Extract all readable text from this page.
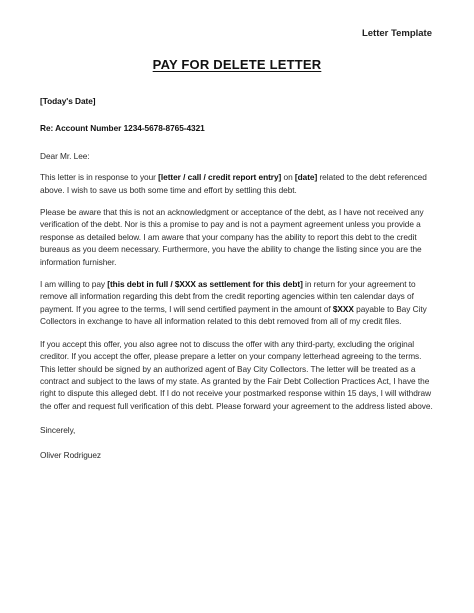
Letter Template
PAY FOR DELETE LETTER

[Today's Date]

Re: Account Number 1234-5678-8765-4321

Dear Mr. Lee:

This letter is in response to your [letter / call / credit report entry] on [date] related to the debt referenced above. I wish to save us both some time and effort by settling this debt.

Please be aware that this is not an acknowledgment or acceptance of the debt, as I have not received any verification of the debt. Nor is this a promise to pay and is not a payment agreement unless you provide a response as detailed below. I am aware that your company has the ability to report this debt to the credit bureaus as you deem necessary. Furthermore, you have the ability to change the listing since you are the information furnisher.

I am willing to pay [this debt in full / $XXX as settlement for this debt] in return for your agreement to remove all information regarding this debt from the credit reporting agencies within ten calendar days of payment. If you agree to the terms, I will send certified payment in the amount of $XXX payable to Bay City Collectors in exchange to have all information related to this debt removed from all of my credit files.

If you accept this offer, you also agree not to discuss the offer with any third-party, excluding the original creditor. If you accept the offer, please prepare a letter on your company letterhead agreeing to the terms. This letter should be signed by an authorized agent of Bay City Collectors. The letter will be treated as a contract and subject to the laws of my state. As granted by the Fair Debt Collection Practices Act, I have the right to dispute this alleged debt. If I do not receive your postmarked response within 15 days, I will withdraw the offer and request full verification of this debt. Please forward your agreement to the address listed above.

Sincerely,

Oliver Rodriguez
